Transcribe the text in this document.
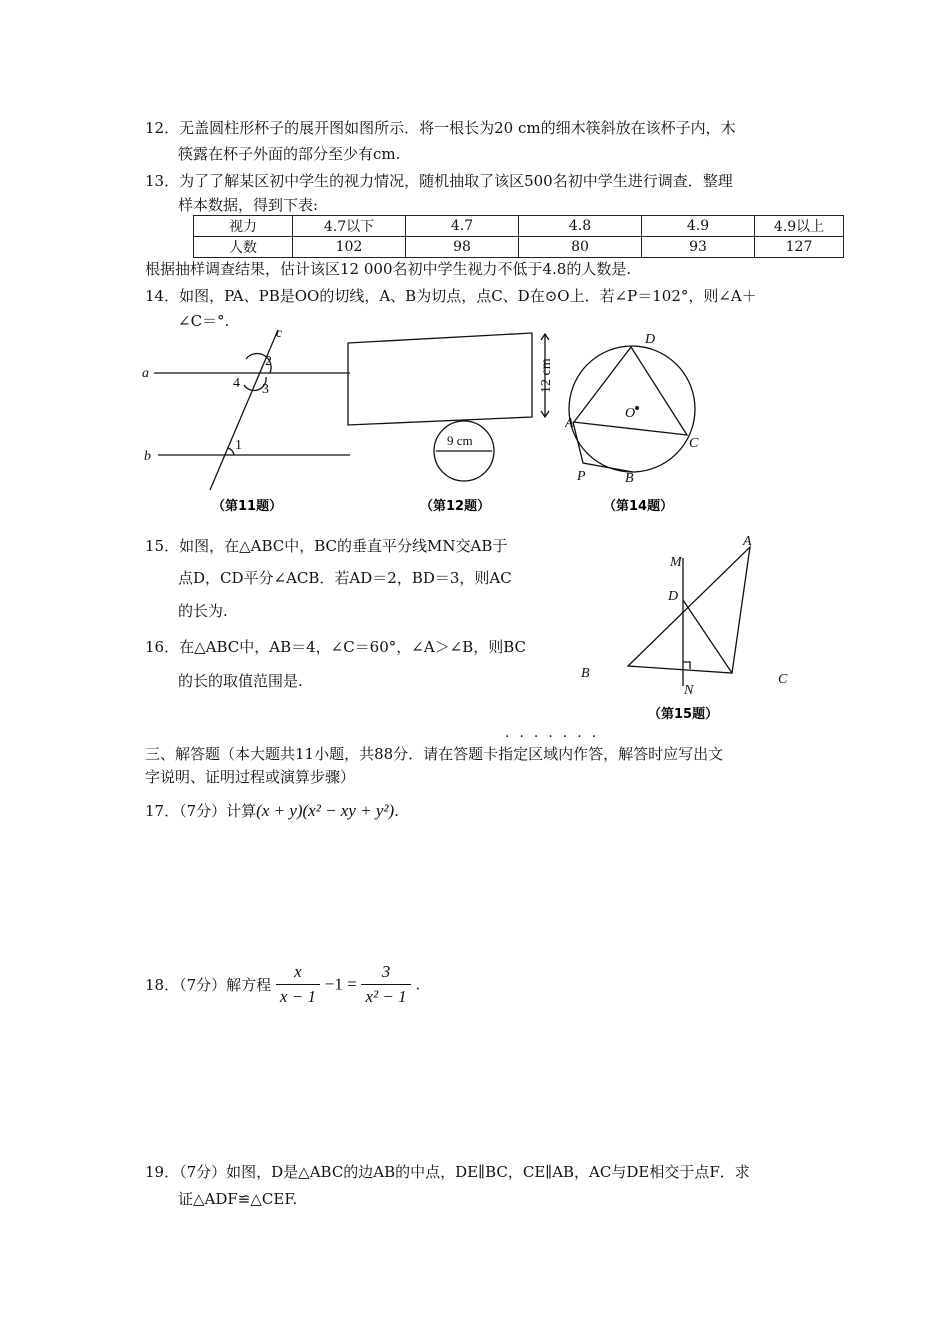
12．无盖圆柱形杯子的展开图如图所示．将一根长为20 cm的细木筷斜放在该杯子内，木
筷露在杯子外面的部分至少有cm.
13．为了了解某区初中学生的视力情况，随机抽取了该区500名初中学生进行调查．整理
样本数据，得到下表:
视力	4.7以下	4.7	4.8	4.9	4.9以上
人数	102	98	80	93	127
根据抽样调查结果，估计该区12 000名初中学生视力不低于4.8的人数是.
14．如图，PA、PB是OO的切线，A、B为切点，点C、D在⊙O上．若∠P＝102°，则∠A＋
∠C＝°.
a
b
c
2
4 3
1
（第11题）
12 cm
9 cm
（第12题）
A
B
C
D
O
P
（第14题）
15．如图，在△ABC中，BC的垂直平分线MN交AB于
点D，CD平分∠ACB．若AD＝2，BD＝3，则AC
的长为.
A
B	C
D
M
N
（第15题）
16．在△ABC中，AB＝4，∠C＝60°，∠A＞∠B，则BC
的长的取值范围是.
·······
三、解答题（本大题共11小题，共88分．请在答题卡指定区域内作答，解答时应写出文
字说明、证明过程或演算步骤）
17．（7分）计算(x + y)(x² − xy + y²).
18．（7分）解方程 $\frac{x}{x - 1} -1 = \frac{3}{\text{x² − 1}}$ .
19．（7分）如图，D是△ABC的边AB的中点，DE∥BC，CE∥AB，AC与DE相交于点F．求
证△ADF≌△CEF.
